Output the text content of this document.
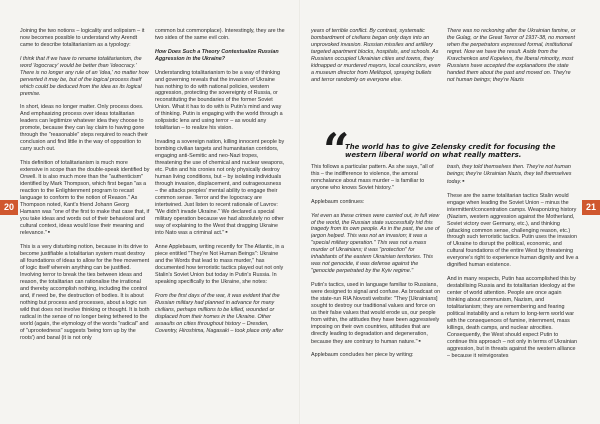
Joining the two notions – logicality and solipsism – it now becomes possible to understand why Arendt came to describe totalitarianism as a typology:

I think that if we have to rename totalitarianism, the word 'logocracy' would be better than 'ideocracy.' There is no longer any rule of an 'idea,' no matter how perverted it may be, but of the logical process itself which could be deduced from the idea as its logical premise.

In short, ideas no longer matter. Only process does. And emphasizing process over ideas totalitarian leaders can legitimize whatever idea they choose to promote, because they can lay claim to having gone through the "reasonable" steps required to reach their conclusion and find little in the way of opposition to carry such out.

This definition of totalitarianism is much more extensive in scope than the double-speak identified by Orwell. It is also much more than the "authenticism" identified by Mark Thompson, which first began "as a reaction to the Enlightenment program to recast language to conform to the notion of Reason." As Thompson noted, Kant's friend Johann Georg Hamann was "one of the first to make that case that, if you take ideas and words out of their behavioral and cultural context, ideas would lose their meaning and relevance." ■

This is a very disturbing notion, because in its drive to become justifiable a totalitarian system must destroy all foundations of ideas to allow for the free movement of logic itself wherein anything can be justified. Involving terror to break the ties between ideas and reason, the totalitarian can rationalise the irrational and thereby accomplish nothing, including the control and, if need be, the destruction of bodies. It is about nothing but process and processes, about a logic run wild that does not involve thinking or thought. It is both radical in the sense of no longer being tethered to the world (again, the etymology of the words "radical" and of "uprootedness" suggests 'being torn up by the roots') and banal (it is not only

common but commonplace). Interestingly, they are the two sides of the same evil coin.

How Does Such a Theory Contextualize Russian Aggression in the Ukraine?

Understanding totalitarianism to be a way of thinking and governing reveals that the invasion of Ukraine has nothing to do with national policies, western aggression, protecting the sovereignty of Russia, or reconstituting the boundaries of the former Soviet Union. What it has to do with is Putin's mind and way of thinking. Putin is engaging with the world through a solipsistic lens and using terror – as would any totalitarian – to realize his vision.

Invading a sovereign nation, killing innocent people by bombing civilian targets and humanitarian corridors, engaging anti-Semitic and neo-Nazi tropes, threatening the use of chemical and nuclear weapons, etc. Putin and his cronies not only physically destroy human living conditions, but – by isolating individuals through invasion, displacement, and outrageousness – the attacks peoples' mental ability to engage their common sense. Terror and the logocracy are intertwined. Just listen to recent rationale of Lavrov: "We didn't invade Ukraine." We declared a special military operation because we had absolutely no other way of explaining to the West that dragging Ukraine into Nato was a criminal act." ■

Anne Applebaum, writing recently for The Atlantic, in a piece entitled "They're Not Human Beings": Ukraine and the Words that lead to mass murder," has documented how terroristic tactics played out not only Stalin's Soviet Union but today in Putin's Russia. In speaking specifically to the Ukraine, she notes:

From the first days of the war, it was evident that the Russian military had planned in advance for many civilians, perhaps millions to be killed, wounded or displaced from their homes in the Ukraine. Other assaults on cities throughout history – Dresden, Coventry, Hiroshima, Nagasaki – took place only after

20

years of terrible conflict. By contrast, systematic bombardment of civilians began only days into an unprovoked invasion. Russian missiles and artillery targeted apartment blocks, hospitals, and schools. As Russians occupied Ukrainian cities and towns, they kidnapped or murdered mayors, local councilors, even a museum director from Melitopol, spraying bullets and terror randomly on everyone else.

There was no reckoning after the Ukrainian famine, or the Gulag, or the Great Terror of 1937-38, no moment when the perpetrators expressed formal, institutional regret. Now we have the result. Aside from the Kravchenkos and Kopelevs, the liberal minority, most Russians have accepted the explanations the state handed them about the past and moved on. They're not human beings; they're Nazis

“
The world has to give Zelensky credit for focusing the western liberal world on what really matters.

This follows a particular pattern. As she says, "all of this – the indifference to violence, the amoral nonchalance about mass murder – is familiar to anyone who knows Soviet history."

Applebaum continues:

Yet even as these crimes were carried out, in full view of the world, the Russian state successfully hid this tragedy from its own people. As in the past, the use of jargon helped. This was not an invasion; it was a "special military operation." This was not a mass murder of Ukrainians; it was "protection" for inhabitants of the eastern Ukrainian territories. This was not genocide, it was defense against the "genocide perpetrated by the Kyiv regime."

Putin's tactics, used in language familiar to Russians, were designed to signal and confuse. As broadcast on the state-run RIA Novosti website: "They [Ukrainians] sought to destroy our traditional values and force on us their false values that would erode us, our people from within, the attitudes they have been aggressively imposing on their own countries, attitudes that are directly leading to degradation and degeneration, because they are contrary to human nature." ■

Applebaum concludes her piece by writing:

trash, they told themselves then. They're not human beings; they're Ukrainian Nazis, they tell themselves today. ■

These are the same totalitarian tactics Stalin would engage when leading the Soviet Union – minus the intermittent/concentration camps. Weaponizing history (Nazism, western aggression against the Motherland, Soviet victory over Germany, etc.), and thinking (attacking common sense, challenging reason, etc.) through such terroristic tactics. Putin uses the invasion of Ukraine to disrupt the political, economic, and cultural foundations of the entire West by threatening everyone's right to experience human dignity and live a dignified human existence.

And in many respects, Putin has accomplished this by destabilising Russia and its totalitarian ideology at the center of world attention. People are once again thinking about communism, Nazism, and totalitarianism; they are remembering and fearing political instability and a return to long-term world war with the consequences of famine, internment, mass killings, death camps, and nuclear atrocities. Consequently, the West should expect Putin to continue this approach – not only in terms of Ukrainian aggression, but in threats against the western alliance – because it reinvigorates

21
